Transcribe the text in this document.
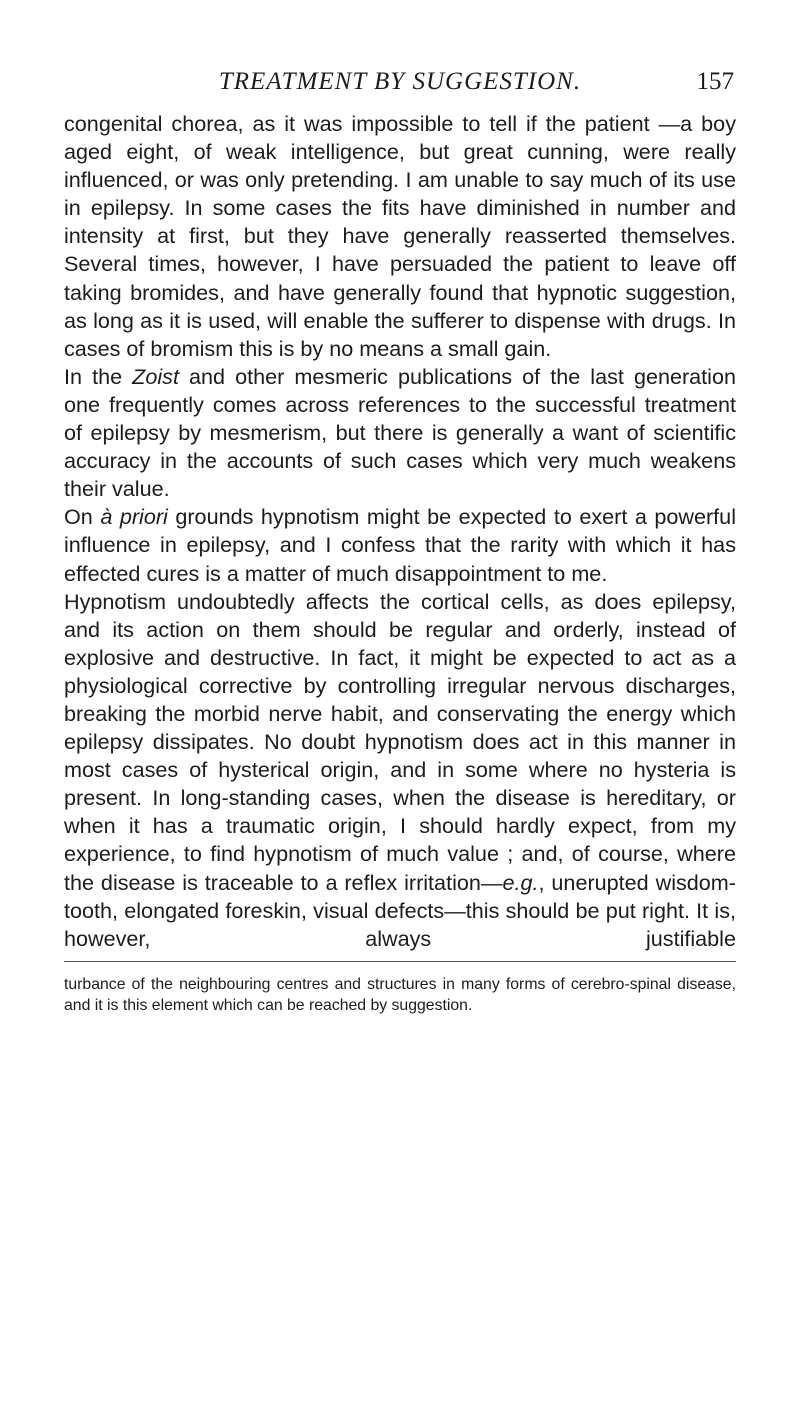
TREATMENT BY SUGGESTION.	157

congenital chorea, as it was impossible to tell if the patient —a boy aged eight, of weak intelligence, but great cunning, were really influenced, or was only pretending. I am unable to say much of its use in epilepsy. In some cases the fits have diminished in number and intensity at first, but they have generally reasserted themselves. Several times, however, I have persuaded the patient to leave off taking bromides, and have generally found that hypnotic suggestion, as long as it is used, will enable the sufferer to dispense with drugs. In cases of bromism this is by no means a small gain.

In the Zoist and other mesmeric publications of the last generation one frequently comes across references to the successful treatment of epilepsy by mesmerism, but there is generally a want of scientific accuracy in the accounts of such cases which very much weakens their value.

On à priori grounds hypnotism might be expected to exert a powerful influence in epilepsy, and I confess that the rarity with which it has effected cures is a matter of much disappointment to me.

Hypnotism undoubtedly affects the cortical cells, as does epilepsy, and its action on them should be regular and orderly, instead of explosive and destructive. In fact, it might be expected to act as a physiological corrective by controlling irregular nervous discharges, breaking the morbid nerve habit, and conservating the energy which epilepsy dissipates. No doubt hypnotism does act in this manner in most cases of hysterical origin, and in some where no hysteria is present. In long-standing cases, when the disease is hereditary, or when it has a traumatic origin, I should hardly expect, from my experience, to find hypnotism of much value ; and, of course, where the disease is traceable to a reflex irritation—e.g., unerupted wisdom-tooth, elongated foreskin, visual defects—this should be put right. It is, however, always justifiable

turbance of the neighbouring centres and structures in many forms of cerebro-spinal disease, and it is this element which can be reached by suggestion.
